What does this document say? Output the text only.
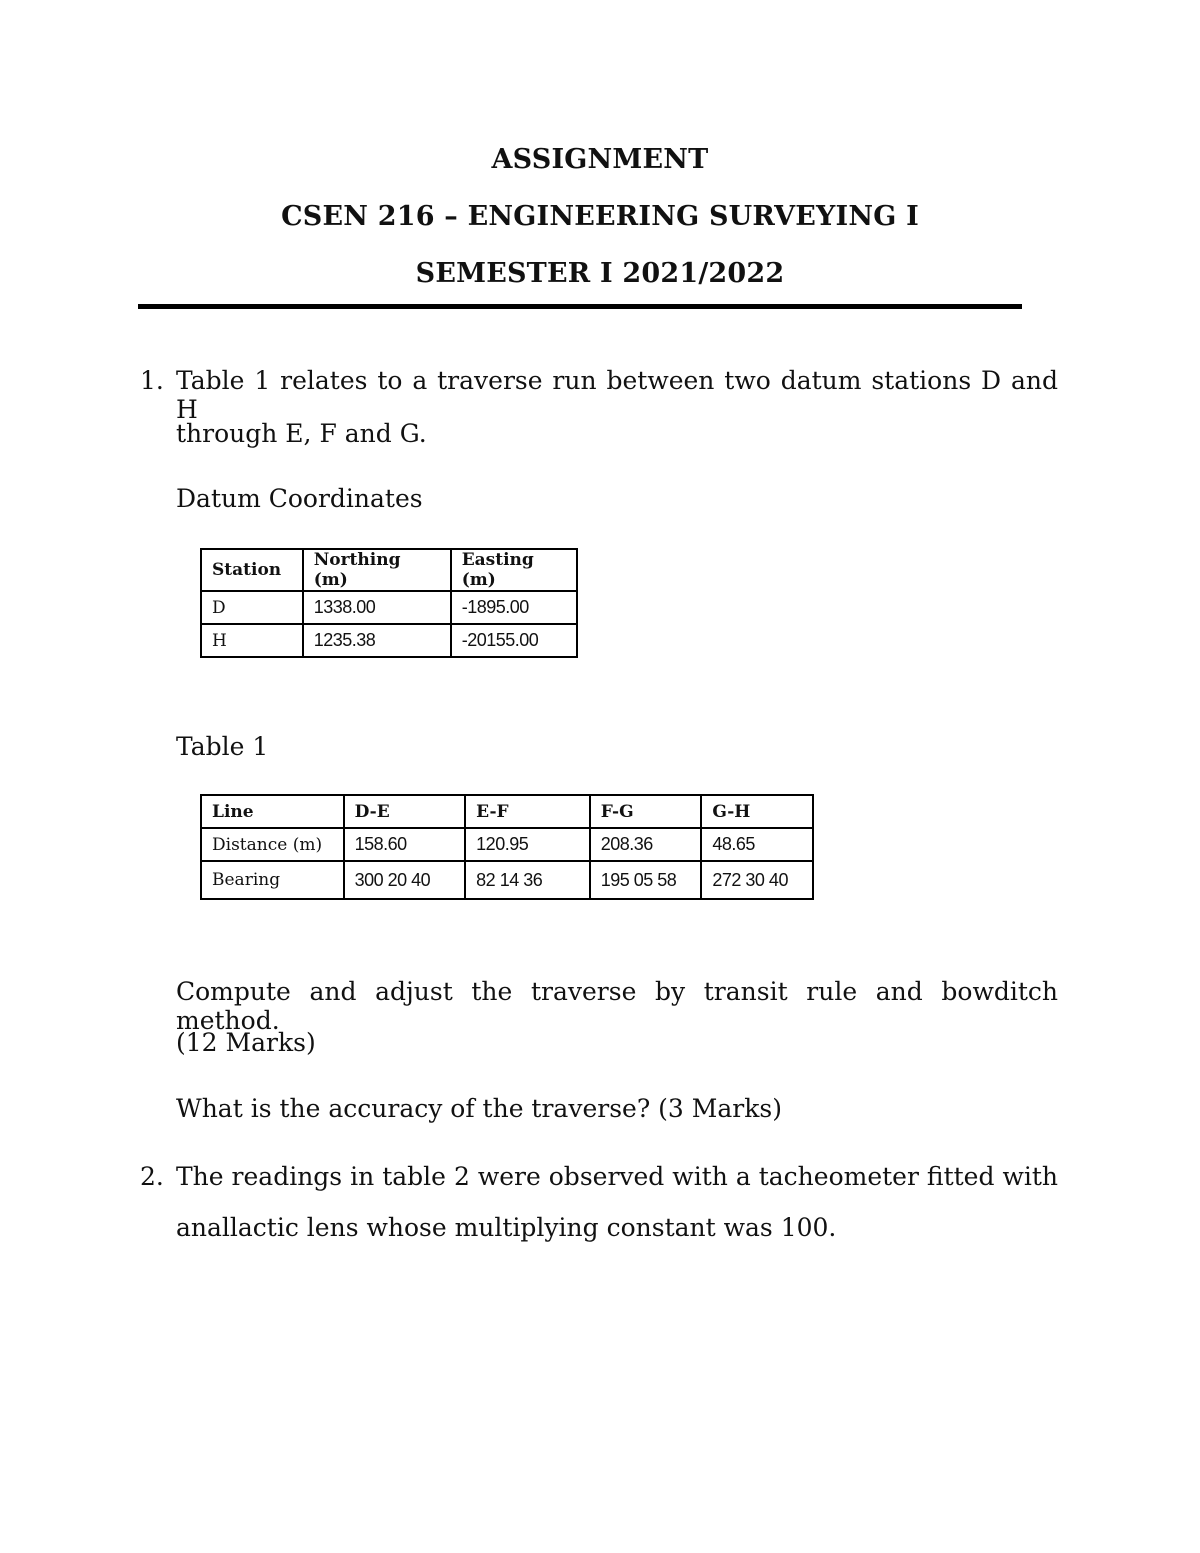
ASSIGNMENT
CSEN 216 – ENGINEERING SURVEYING I
SEMESTER I 2021/2022
1. Table 1 relates to a traverse run between two datum stations D and H
through E, F and G.
Datum Coordinates
Station	Northing (m)	Easting (m)
D	1338.00	-1895.00
H	1235.38	-20155.00
Table 1
Line	D-E	E-F	F-G	G-H
Distance (m)	158.60	120.95	208.36	48.65
Bearing	300 20 40	82 14 36	195 05 58	272 30 40
Compute and adjust the traverse by transit rule and bowditch method.
(12 Marks)
What is the accuracy of the traverse? (3 Marks)
2. The readings in table 2 were observed with a tacheometer fitted with
anallactic lens whose multiplying constant was 100.
